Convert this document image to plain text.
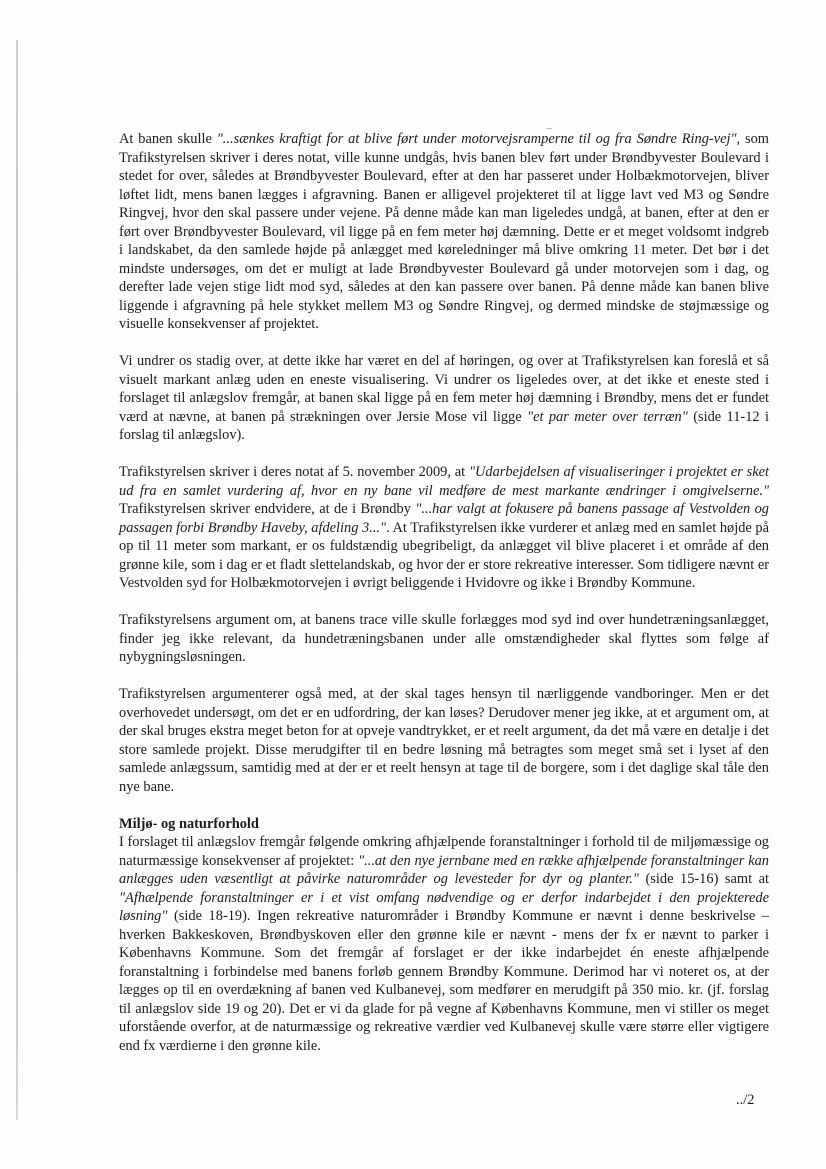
At banen skulle "...sænkes kraftigt for at blive ført under motorvejsramperne til og fra Søndre Ring-vej", som Trafikstyrelsen skriver i deres notat, ville kunne undgås, hvis banen blev ført under Brøndbyvester Boulevard i stedet for over, således at Brøndbyvester Boulevard, efter at den har passeret under Holbækmotorvejen, bliver løftet lidt, mens banen lægges i afgravning. Banen er alligevel projekteret til at ligge lavt ved M3 og Søndre Ringvej, hvor den skal passere under vejene. På denne måde kan man ligeledes undgå, at banen, efter at den er ført over Brøndbyvester Boulevard, vil ligge på en fem meter høj dæmning. Dette er et meget voldsomt indgreb i landskabet, da den samlede højde på anlægget med køreledninger må blive omkring 11 meter. Det bør i det mindste undersøges, om det er muligt at lade Brøndbyvester Boulevard gå under motorvejen som i dag, og derefter lade vejen stige lidt mod syd, således at den kan passere over banen. På denne måde kan banen blive liggende i afgravning på hele stykket mellem M3 og Søndre Ringvej, og dermed mindske de støjmæssige og visuelle konsekvenser af projektet.

Vi undrer os stadig over, at dette ikke har været en del af høringen, og over at Trafikstyrelsen kan foreslå et så visuelt markant anlæg uden en eneste visualisering. Vi undrer os ligeledes over, at det ikke et eneste sted i forslaget til anlægslov fremgår, at banen skal ligge på en fem meter høj dæmning i Brøndby, mens det er fundet værd at nævne, at banen på strækningen over Jersie Mose vil ligge "et par meter over terræn" (side 11-12 i forslag til anlægslov).

Trafikstyrelsen skriver i deres notat af 5. november 2009, at "Udarbejdelsen af visualiseringer i projektet er sket ud fra en samlet vurdering af, hvor en ny bane vil medføre de mest markante ændringer i omgivelserne." Trafikstyrelsen skriver endvidere, at de i Brøndby "...har valgt at fokusere på banens passage af Vestvolden og passagen forbi Brøndby Haveby, afdeling 3...". At Trafikstyrelsen ikke vurderer et anlæg med en samlet højde på op til 11 meter som markant, er os fuldstændig ubegribeligt, da anlægget vil blive placeret i et område af den grønne kile, som i dag er et fladt slettelandskab, og hvor der er store rekreative interesser. Som tidligere nævnt er Vestvolden syd for Holbækmotorvejen i øvrigt beliggende i Hvidovre og ikke i Brøndby Kommune.

Trafikstyrelsens argument om, at banens trace ville skulle forlægges mod syd ind over hundetræningsanlægget, finder jeg ikke relevant, da hundetræningsbanen under alle omstændigheder skal flyttes som følge af nybygningsløsningen.

Trafikstyrelsen argumenterer også med, at der skal tages hensyn til nærliggende vandboringer. Men er det overhovedet undersøgt, om det er en udfordring, der kan løses? Derudover mener jeg ikke, at et argument om, at der skal bruges ekstra meget beton for at opveje vandtrykket, er et reelt argument, da det må være en detalje i det store samlede projekt. Disse merudgifter til en bedre løsning må betragtes som meget små set i lyset af den samlede anlægssum, samtidig med at der er et reelt hensyn at tage til de borgere, som i det daglige skal tåle den nye bane.

Miljø- og naturforhold

I forslaget til anlægslov fremgår følgende omkring afhjælpende foranstaltninger i forhold til de miljømæssige og naturmæssige konsekvenser af projektet: "...at den nye jernbane med en række afhjælpende foranstaltninger kan anlægges uden væsentligt at påvirke naturområder og levesteder for dyr og planter." (side 15-16) samt at "Afhælpende foranstaltninger er i et vist omfang nødvendige og er derfor indarbejdet i den projekterede løsning" (side 18-19). Ingen rekreative naturområder i Brøndby Kommune er nævnt i denne beskrivelse – hverken Bakkeskoven, Brøndbyskoven eller den grønne kile er nævnt - mens der fx er nævnt to parker i Københavns Kommune. Som det fremgår af forslaget er der ikke indarbejdet én eneste afhjælpende foranstaltning i forbindelse med banens forløb gennem Brøndby Kommune. Derimod har vi noteret os, at der lægges op til en overdækning af banen ved Kulbanevej, som medfører en merudgift på 350 mio. kr. (jf. forslag til anlægslov side 19 og 20). Det er vi da glade for på vegne af Københavns Kommune, men vi stiller os meget uforstående overfor, at de naturmæssige og rekreative værdier ved Kulbanevej skulle være større eller vigtigere end fx værdierne i den grønne kile.

../2
